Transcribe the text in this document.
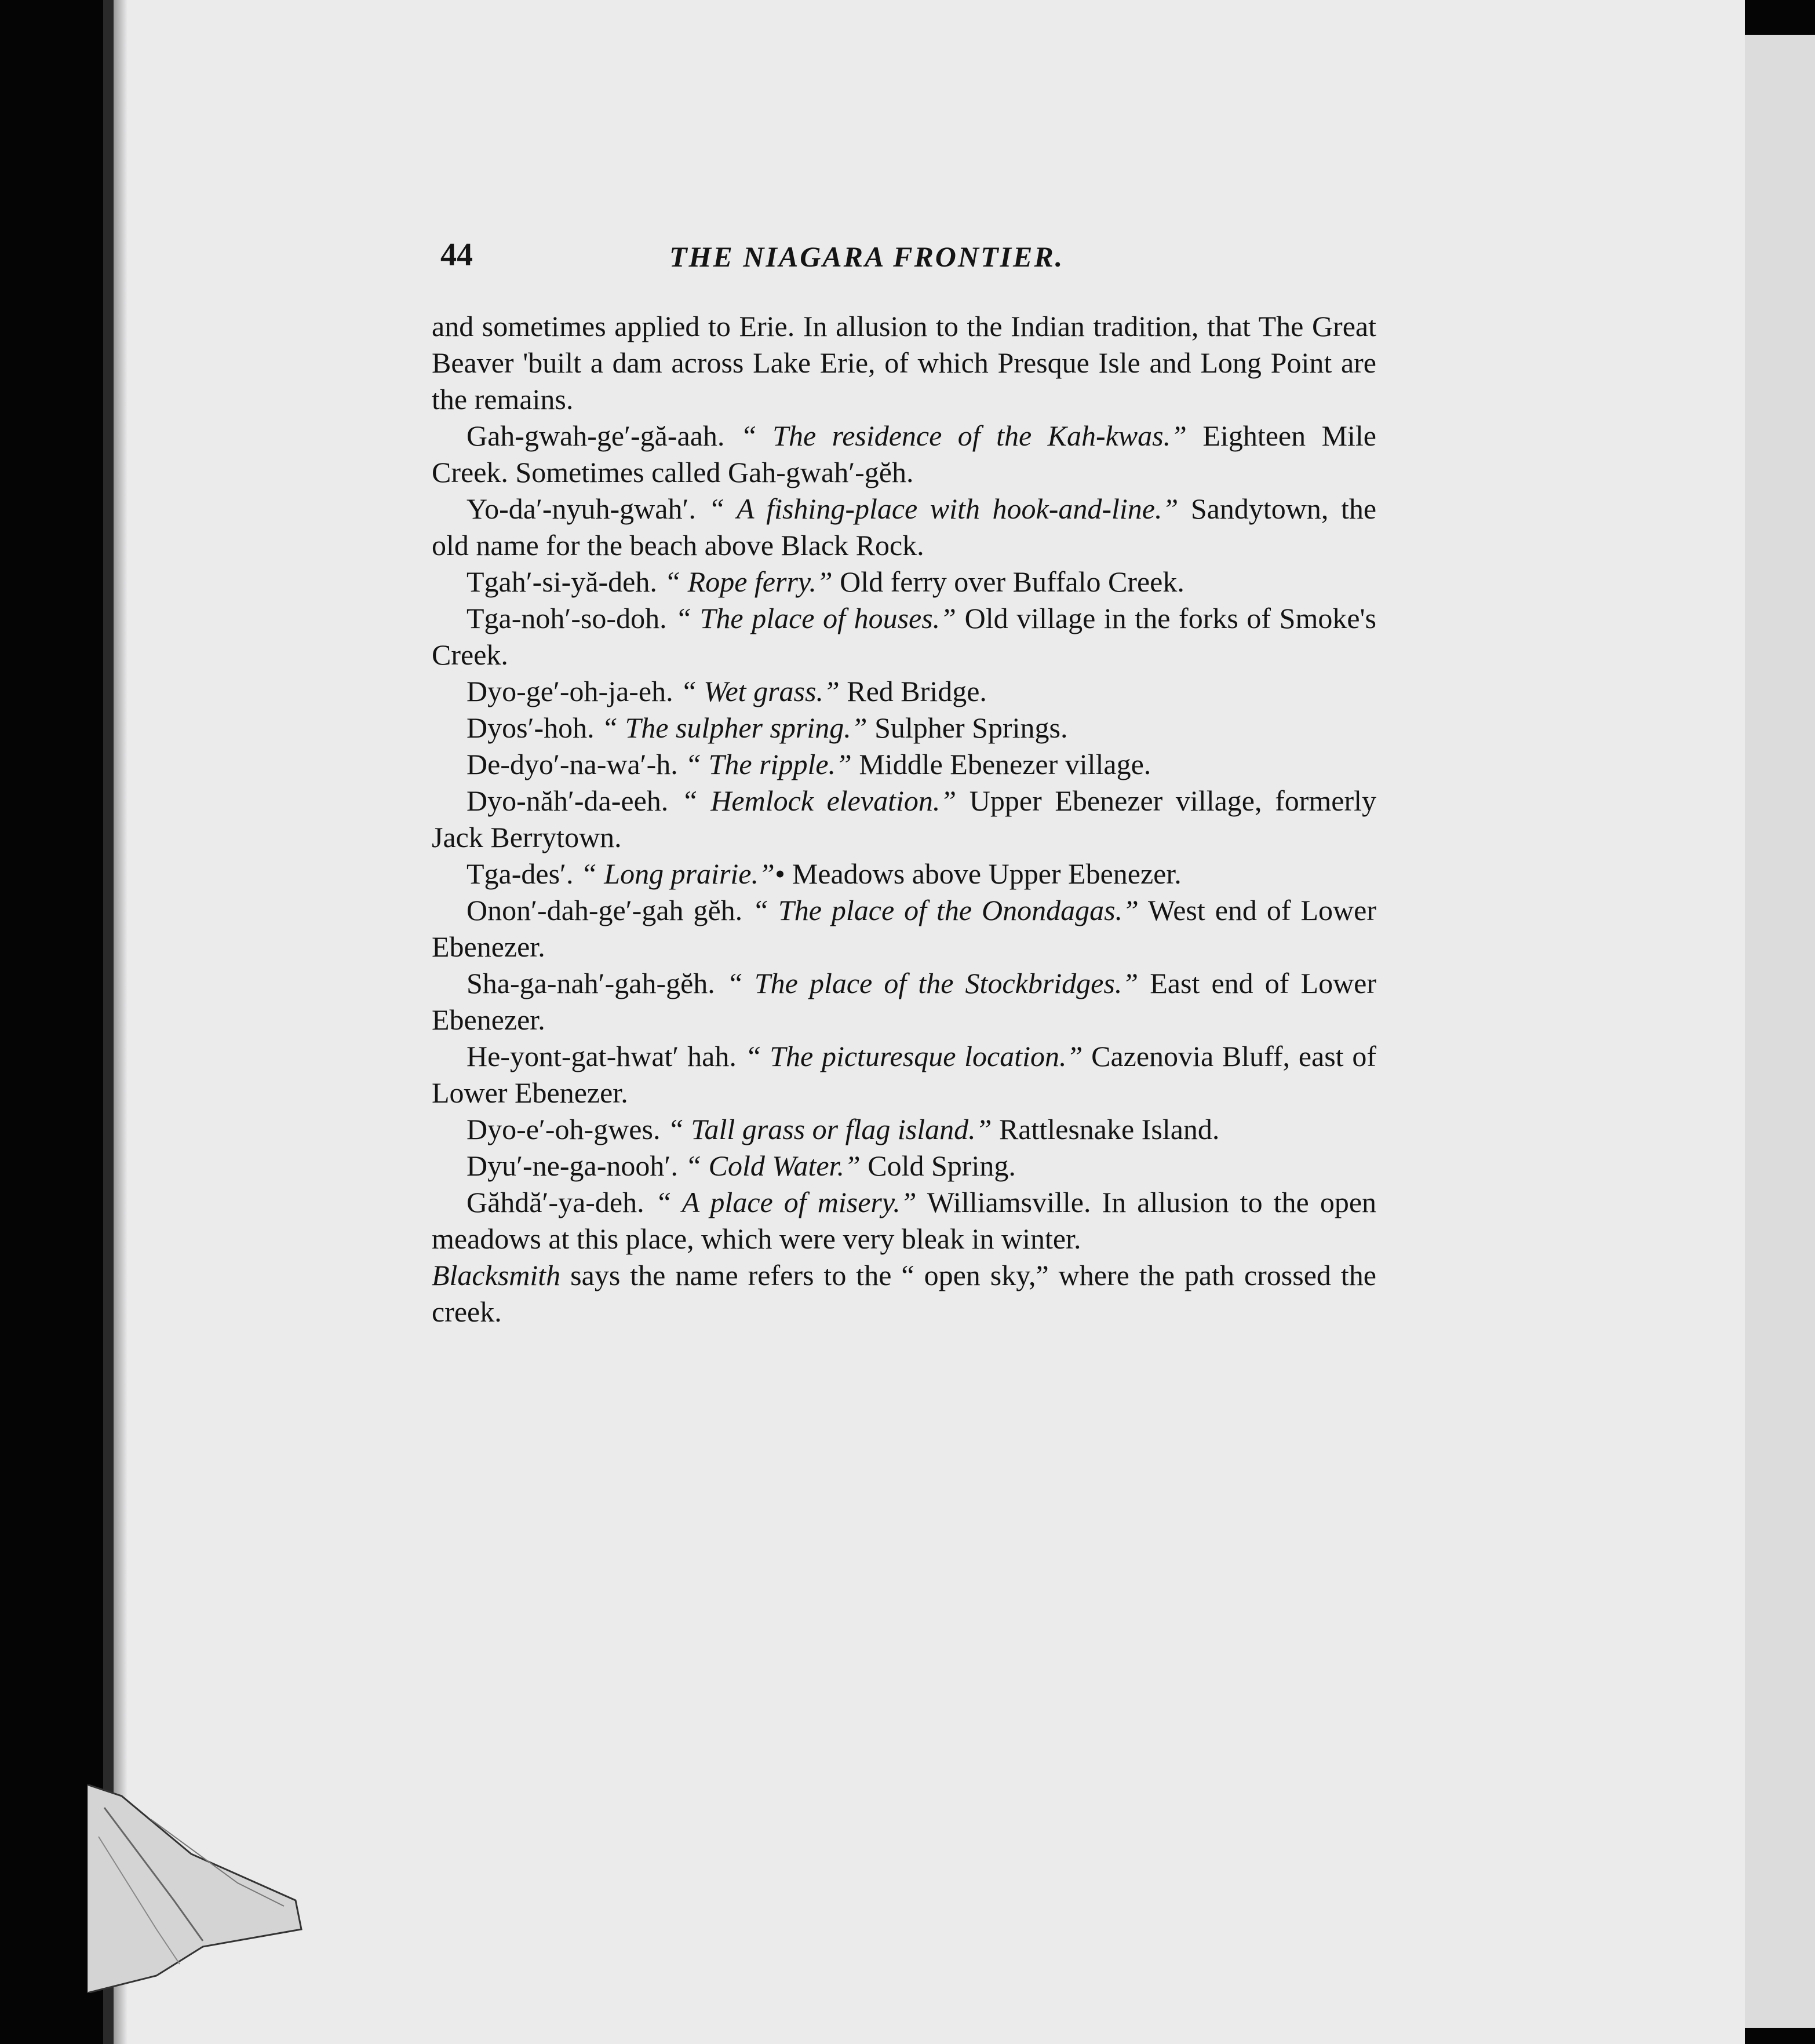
44	THE NIAGARA FRONTIER.

and sometimes applied to Erie. In allusion to the Indian tradition, that The Great Beaver 'built a dam across Lake Erie, of which Presque Isle and Long Point are the remains.

Gah-gwah-ge′-gă-aah. “ The residence of the Kah-kwas.” Eighteen Mile Creek. Sometimes called Gah-gwah′-gĕh.

Yo-da′-nyuh-gwah′. “ A fishing-place with hook-and-line.” Sandytown, the old name for the beach above Black Rock.

Tgah′-si-yă-deh. “ Rope ferry.” Old ferry over Buffalo Creek.

Tga-noh′-so-doh. “ The place of houses.” Old village in the forks of Smoke's Creek.

Dyo-ge′-oh-ja-eh. “ Wet grass.” Red Bridge.

Dyos′-hoh. “ The sulpher spring.” Sulpher Springs.

De-dyo′-na-wa′-h. “ The ripple.” Middle Ebenezer village.

Dyo-năh′-da-eeh. “ Hemlock elevation.” Upper Ebenezer village, formerly Jack Berrytown.

Tga-des′. “ Long prairie.”• Meadows above Upper Ebenezer.

Onon′-dah-ge′-gah gĕh. “ The place of the Onondagas.” West end of Lower Ebenezer.

Sha-ga-nah′-gah-gĕh. “ The place of the Stockbridges.” East end of Lower Ebenezer.

He-yont-gat-hwat′ hah. “ The picturesque location.” Cazenovia Bluff, east of Lower Ebenezer.

Dyo-e′-oh-gwes. “ Tall grass or flag island.” Rattlesnake Island.

Dyu′-ne-ga-nooh′. “ Cold Water.” Cold Spring.

Găhdă′-ya-deh. “ A place of misery.” Williamsville. In allusion to the open meadows at this place, which were very bleak in winter.

Blacksmith says the name refers to the “ open sky,” where the path crossed the creek.
